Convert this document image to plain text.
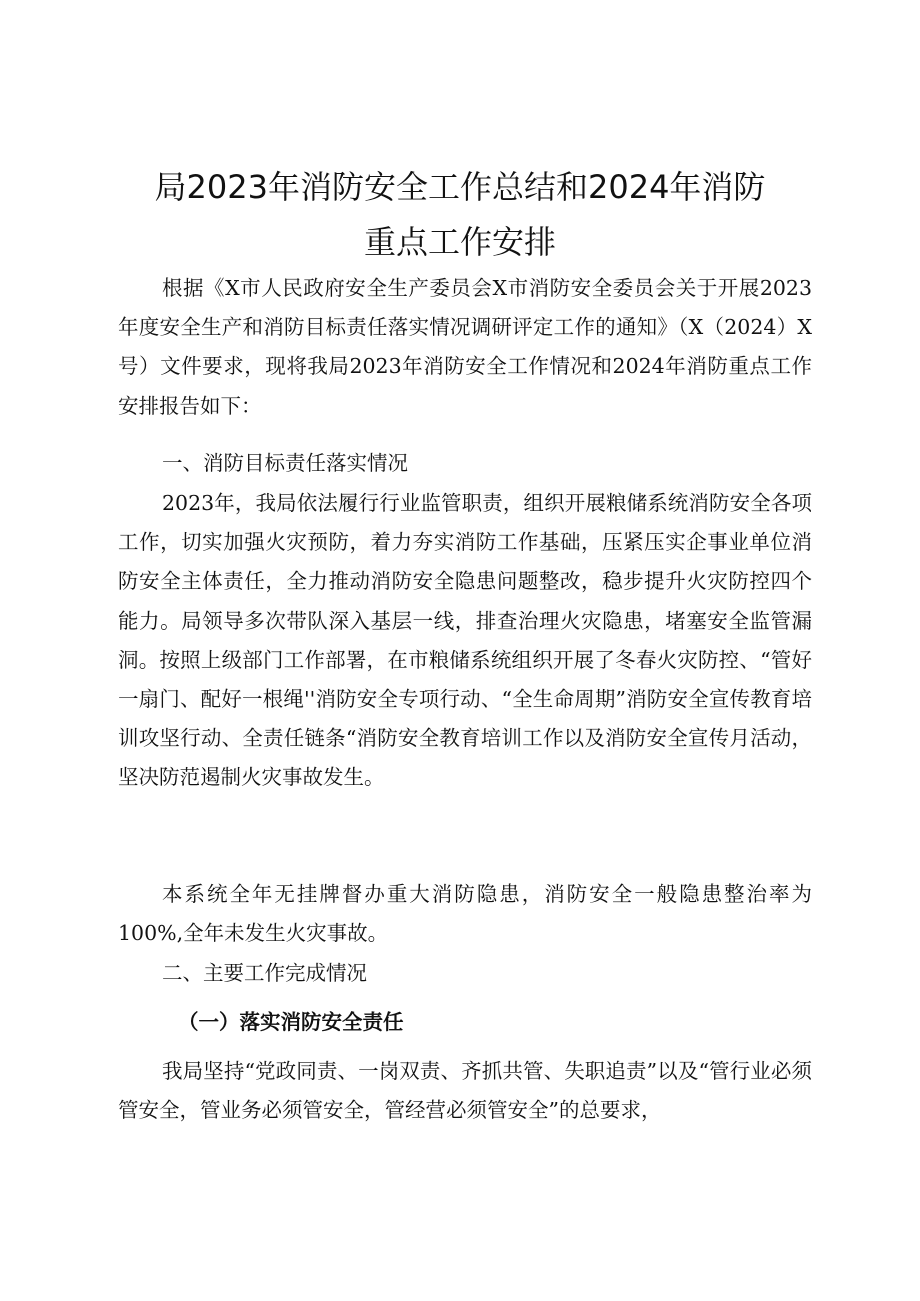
局2023年消防安全工作总结和2024年消防
重点工作安排

根据《X市人民政府安全生产委员会X市消防安全委员会关于开展2023年度安全生产和消防目标责任落实情况调研评定工作的通知》（X（2024）X号）文件要求，现将我局2023年消防安全工作情况和2024年消防重点工作安排报告如下：

一、消防目标责任落实情况

2023年，我局依法履行行业监管职责，组织开展粮储系统消防安全各项工作，切实加强火灾预防，着力夯实消防工作基础，压紧压实企事业单位消防安全主体责任，全力推动消防安全隐患问题整改，稳步提升火灾防控四个能力。局领导多次带队深入基层一线，排查治理火灾隐患，堵塞安全监管漏洞。按照上级部门工作部署，在市粮储系统组织开展了冬春火灾防控、“管好一扇门、配好一根绳''消防安全专项行动、“全生命周期”消防安全宣传教育培训攻坚行动、全责任链条“消防安全教育培训工作以及消防安全宣传月活动，坚决防范遏制火灾事故发生。

本系统全年无挂牌督办重大消防隐患，消防安全一般隐患整治率为100%,全年未发生火灾事故。

二、主要工作完成情况
（一）落实消防安全责任

我局坚持“党政同责、一岗双责、齐抓共管、失职追责”以及“管行业必须管安全，管业务必须管安全，管经营必须管安全”的总要求，
